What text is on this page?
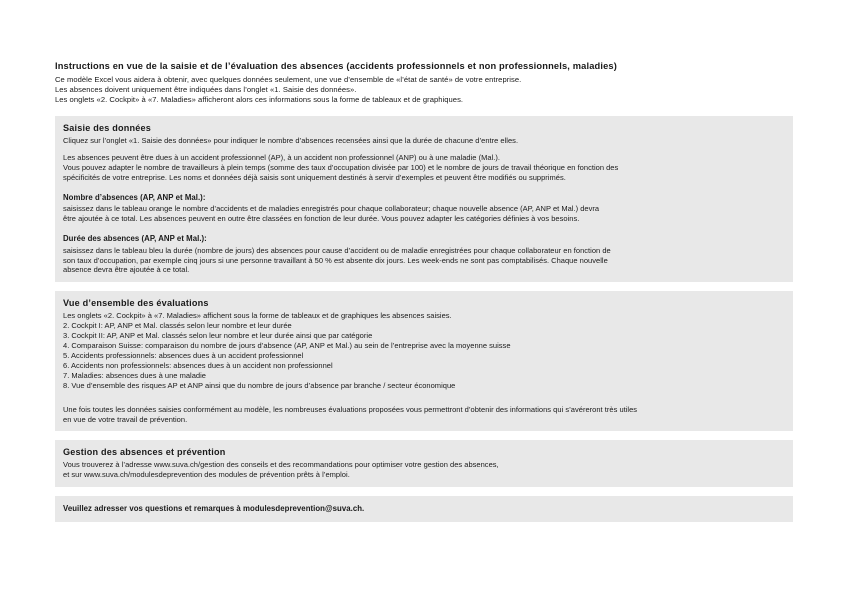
Instructions en vue de la saisie et de l’évaluation des absences (accidents professionnels et non professionnels, maladies)
Ce modèle Excel vous aidera à obtenir, avec quelques données seulement, une vue d’ensemble de «l’état de santé» de votre entreprise.
Les absences doivent uniquement être indiquées dans l’onglet «1. Saisie des données».
Les onglets «2. Cockpit» à «7. Maladies» afficheront alors ces informations sous la forme de tableaux et de graphiques.
Saisie des données
Cliquez sur l’onglet «1. Saisie des données» pour indiquer le nombre d’absences recensées ainsi que la durée de chacune d’entre elles.
Les absences peuvent être dues à un accident professionnel (AP), à un accident non professionnel (ANP) ou à une maladie (Mal.).
Vous pouvez adapter le nombre de travailleurs à plein temps (somme des taux d’occupation divisée par 100) et le nombre de jours de travail théorique en fonction des
spécificités de votre entreprise. Les noms et données déjà saisis sont uniquement destinés à servir d’exemples et peuvent être modifiés ou supprimés.
Nombre d’absences (AP, ANP et Mal.):
saisissez dans le tableau orange le nombre d’accidents et de maladies enregistrés pour chaque collaborateur; chaque nouvelle absence (AP, ANP et Mal.) devra
être ajoutée à ce total. Les absences peuvent en outre être classées en fonction de leur durée. Vous pouvez adapter les catégories définies à vos besoins.
Durée des absences (AP, ANP et Mal.):
saisissez dans le tableau bleu la durée (nombre de jours) des absences pour cause d’accident ou de maladie enregistrées pour chaque collaborateur en fonction de
son taux d’occupation, par exemple cinq jours si une personne travaillant à 50 % est absente dix jours. Les week-ends ne sont pas comptabilisés. Chaque nouvelle
absence devra être ajoutée à ce total.
Vue d’ensemble des évaluations
Les onglets «2. Cockpit» à «7. Maladies» affichent sous la forme de tableaux et de graphiques les absences saisies.
2. Cockpit I: AP, ANP et Mal. classés selon leur nombre et leur durée
3. Cockpit II: AP, ANP et Mal. classés selon leur nombre et leur durée ainsi que par catégorie
4. Comparaison Suisse: comparaison du nombre de jours d’absence (AP, ANP et Mal.) au sein de l’entreprise avec la moyenne suisse
5. Accidents professionnels: absences dues à un accident professionnel
6. Accidents non professionnels: absences dues à un accident non professionnel
7. Maladies: absences dues à une maladie
8. Vue d’ensemble des risques AP et ANP ainsi que du nombre de jours d’absence par branche / secteur économique
Une fois toutes les données saisies conformément au modèle, les nombreuses évaluations proposées vous permettront d’obtenir des informations qui s’avéreront très utiles
en vue de votre travail de prévention.
Gestion des absences et prévention
Vous trouverez à l’adresse www.suva.ch/gestion des conseils et des recommandations pour optimiser votre gestion des absences,
et sur www.suva.ch/modulesdeprevention des modules de prévention prêts à l’emploi.
Veuillez adresser vos questions et remarques à modulesdeprevention@suva.ch.
